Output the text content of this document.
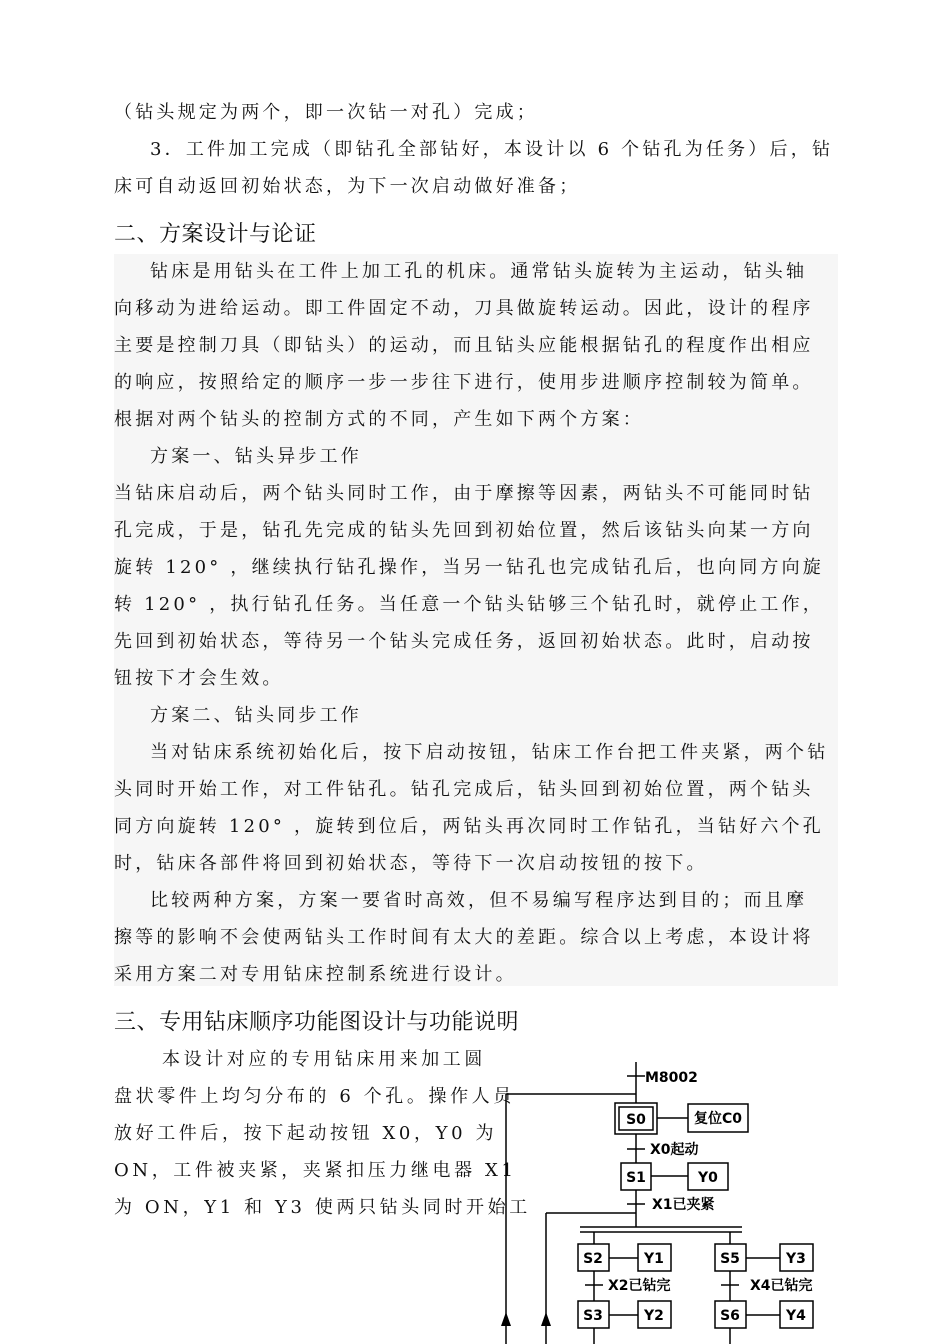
（钻头规定为两个，即一次钻一对孔）完成；
3．工件加工完成（即钻孔全部钻好，本设计以 6 个钻孔为任务）后，钻
床可自动返回初始状态，为下一次启动做好准备；
二、方案设计与论证
钻床是用钻头在工件上加工孔的机床。通常钻头旋转为主运动，钻头轴
向移动为进给运动。即工件固定不动，刀具做旋转运动。因此，设计的程序
主要是控制刀具（即钻头）的运动，而且钻头应能根据钻孔的程度作出相应
的响应，按照给定的顺序一步一步往下进行，使用步进顺序控制较为简单。
根据对两个钻头的控制方式的不同，产生如下两个方案：
方案一、钻头异步工作
当钻床启动后，两个钻头同时工作，由于摩擦等因素，两钻头不可能同时钻
孔完成，于是，钻孔先完成的钻头先回到初始位置，然后该钻头向某一方向
旋转 120° ，继续执行钻孔操作，当另一钻孔也完成钻孔后，也向同方向旋
转 120° ，执行钻孔任务。当任意一个钻头钻够三个钻孔时，就停止工作，
先回到初始状态，等待另一个钻头完成任务，返回初始状态。此时，启动按
钮按下才会生效。
方案二、钻头同步工作
当对钻床系统初始化后，按下启动按钮，钻床工作台把工件夹紧，两个钻
头同时开始工作，对工件钻孔。钻孔完成后，钻头回到初始位置，两个钻头
同方向旋转 120° ，旋转到位后，两钻头再次同时工作钻孔，当钻好六个孔
时，钻床各部件将回到初始状态，等待下一次启动按钮的按下。
比较两种方案，方案一要省时高效，但不易编写程序达到目的；而且摩
擦等的影响不会使两钻头工作时间有太大的差距。综合以上考虑，本设计将
采用方案二对专用钻床控制系统进行设计。
三、专用钻床顺序功能图设计与功能说明
本设计对应的专用钻床用来加工圆
盘状零件上均匀分布的 6 个孔。操作人员
放好工件后，按下起动按钮 X0，Y0 为
ON，工件被夹紧，夹紧扣压力继电器 X1
为 ON，Y1 和 Y3 使两只钻头同时开始工
S0	复位C0
S1	Y0
S2	Y1
S3	Y2
S5	Y3
S6	Y4
M8002
X0起动
X1已夹紧
X2已钻完	X4已钻完
